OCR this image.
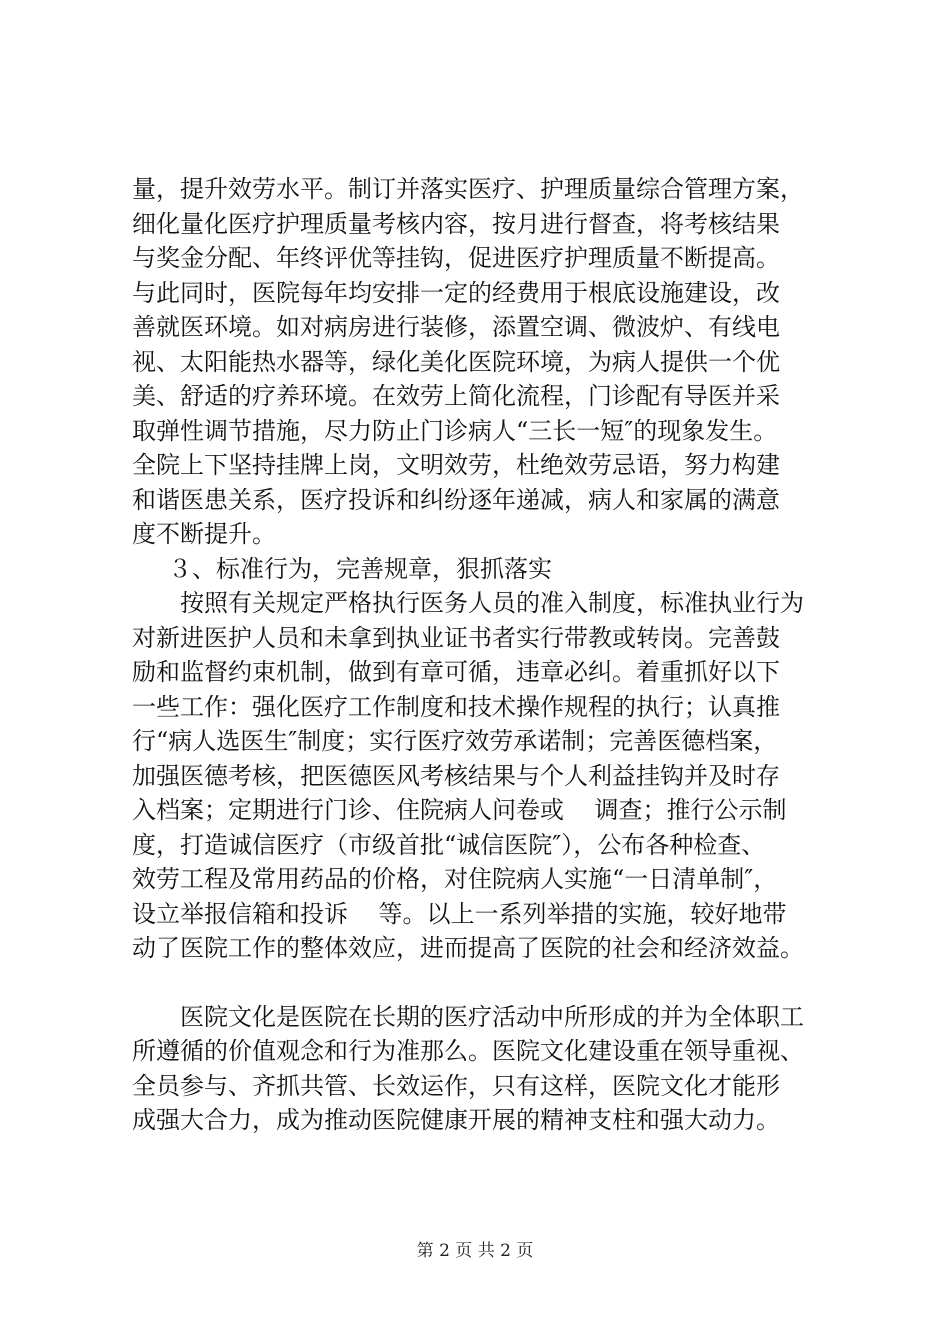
量，提升效劳水平。制订并落实医疗、护理质量综合管理方案，
细化量化医疗护理质量考核内容，按月进行督查，将考核结果
与奖金分配、年终评优等挂钩，促进医疗护理质量不断提高。
与此同时，医院每年均安排一定的经费用于根底设施建设，改
善就医环境。如对病房进行装修，添置空调、微波炉、有线电
视、太阳能热水器等，绿化美化医院环境，为病人提供一个优
美、舒适的疗养环境。在效劳上简化流程，门诊配有导医并采
取弹性调节措施，尽力防止门诊病人“三长一短″的现象发生。
全院上下坚持挂牌上岗，文明效劳，杜绝效劳忌语，努力构建
和谐医患关系，医疗投诉和纠纷逐年递减，病人和家属的满意
度不断提升。
３、标准行为，完善规章，狠抓落实
按照有关规定严格执行医务人员的准入制度，标准执业行为
对新进医护人员和未拿到执业证书者实行带教或转岗。完善鼓
励和监督约束机制，做到有章可循，违章必纠。着重抓好以下
一些工作：强化医疗工作制度和技术操作规程的执行；认真推
行“病人选医生″制度；实行医疗效劳承诺制；完善医德档案，
加强医德考核，把医德医风考核结果与个人利益挂钩并及时存
入档案；定期进行门诊、住院病人问卷或    调查；推行公示制
度，打造诚信医疗（市级首批“诚信医院″），公布各种检查、
效劳工程及常用药品的价格，对住院病人实施“一日清单制″，
设立举报信箱和投诉    等。以上一系列举措的实施，较好地带
动了医院工作的整体效应，进而提高了医院的社会和经济效益。
医院文化是医院在长期的医疗活动中所形成的并为全体职工
所遵循的价值观念和行为准那么。医院文化建设重在领导重视、
全员参与、齐抓共管、长效运作，只有这样，医院文化才能形
成强大合力，成为推动医院健康开展的精神支柱和强大动力。
第 2 页 共 2 页
